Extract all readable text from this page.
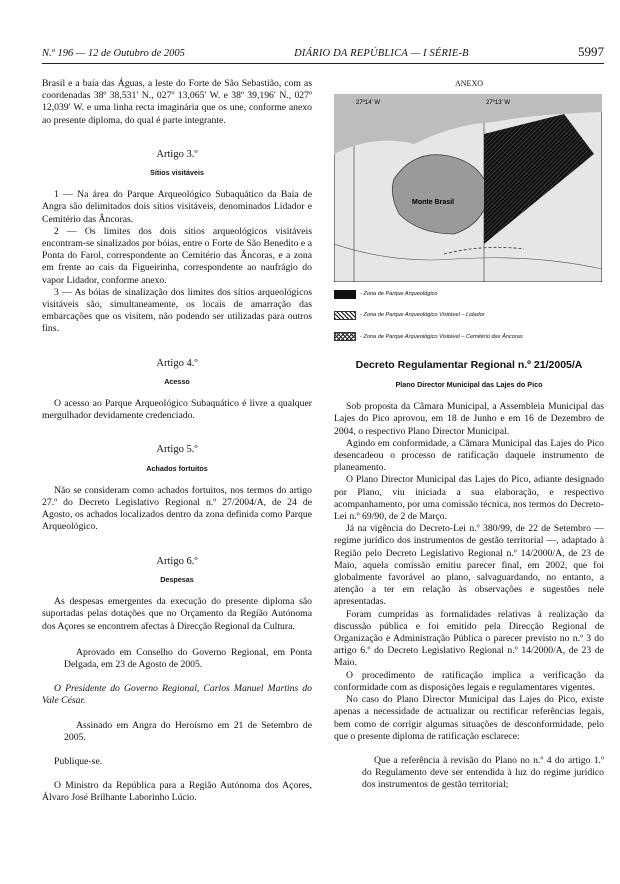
N.º 196 — 12 de Outubro de 2005	DIÁRIO DA REPÚBLICA — I SÉRIE-B	5997

Brasil e a baía das Águas, a leste do Forte de São Sebastião, com as coordenadas 38º 38,531′ N., 027º 13,065′ W. e 38º 39,196′ N., 027º 12,039′ W. e uma linha recta imaginária que os une, conforme anexo ao presente diploma, do qual é parte integrante.

Artigo 3.º
Sítios visitáveis

1 — Na área do Parque Arqueológico Subaquático da Baía de Angra são delimitados dois sítios visitáveis, denominados Lidador e Cemitério das Âncoras.

2 — Os limites dos dois sítios arqueológicos visitáveis encontram-se sinalizados por bóias, entre o Forte de São Benedito e a Ponta do Farol, correspondente ao Cemitério das Âncoras, e a zona em frente ao cais da Figueirinha, correspondente ao naufrágio do vapor Lidador, conforme anexo.

3 — As bóias de sinalização dos limites dos sítios arqueológicos visitáveis são, simultaneamente, os locais de amarração das embarcações que os visitem, não podendo ser utilizadas para outros fins.

Artigo 4.º
Acesso

O acesso ao Parque Arqueológico Subaquático é livre a qualquer mergulhador devidamente credenciado.

Artigo 5.º
Achados fortuitos

Não se consideram como achados fortuitos, nos termos do artigo 27.º do Decreto Legislativo Regional n.º 27/2004/A, de 24 de Agosto, os achados localizados dentro da zona definida como Parque Arqueológico.

Artigo 6.º
Despesas

As despesas emergentes da execução do presente diploma são suportadas pelas dotações que no Orçamento da Região Autónoma dos Açores se encontrem afectas à Direcção Regional da Cultura.

Aprovado em Conselho do Governo Regional, em Ponta Delgada, em 23 de Agosto de 2005.

O Presidente do Governo Regional, Carlos Manuel Martins do Vale César.

Assinado em Angra do Heroísmo em 21 de Setembro de 2005.

Publique-se.

O Ministro da República para a Região Autónoma dos Açores, Álvaro José Brilhante Laborinho Lúcio.

ANEXO
27º14′ W	27º13′ W
Monte Brasil
- Zona de Parque Arqueológico
- Zona de Parque Arqueológico Visitável – Lidador
- Zona de Parque Arqueológico Visitável – Cemitério das Âncoras
Decreto Regulamentar Regional n.º 21/2005/A
Plano Director Municipal das Lajes do Pico

Sob proposta da Câmara Municipal, a Assembleia Municipal das Lajes do Pico aprovou, em 18 de Junho e em 16 de Dezembro de 2004, o respectivo Plano Director Municipal.

Agindo em conformidade, a Câmara Municipal das Lajes do Pico desencadeou o processo de ratificação daquele instrumento de planeamento.

O Plano Director Municipal das Lajes do Pico, adiante designado por Plano, viu iniciada a sua elaboração, e respectivo acompanhamento, por uma comissão técnica, nos termos do Decreto-Lei n.º 69/90, de 2 de Março.

Já na vigência do Decreto-Lei n.º 380/99, de 22 de Setembro — regime jurídico dos instrumentos de gestão territorial —, adaptado à Região pelo Decreto Legislativo Regional n.º 14/2000/A, de 23 de Maio, aquela comissão emitiu parecer final, em 2002, que foi globalmente favorável ao plano, salvaguardando, no entanto, a atenção a ter em relação às observações e sugestões nele apresentadas.

Foram cumpridas as formalidades relativas à realização da discussão pública e foi emitido pela Direcção Regional de Organização e Administração Pública o parecer previsto no n.º 3 do artigo 6.º do Decreto Legislativo Regional n.º 14/2000/A, de 23 de Maio.

O procedimento de ratificação implica a verificação da conformidade com as disposições legais e regulamentares vigentes.

No caso do Plano Director Municipal das Lajes do Pico, existe apenas a necessidade de actualizar ou rectificar referências legais, bem como de corrigir algumas situações de desconformidade, pelo que o presente diploma de ratificação esclarece:

Que a referência à revisão do Plano no n.º 4 do artigo 1.º do Regulamento deve ser entendida à luz do regime jurídico dos instrumentos de gestão territorial;
